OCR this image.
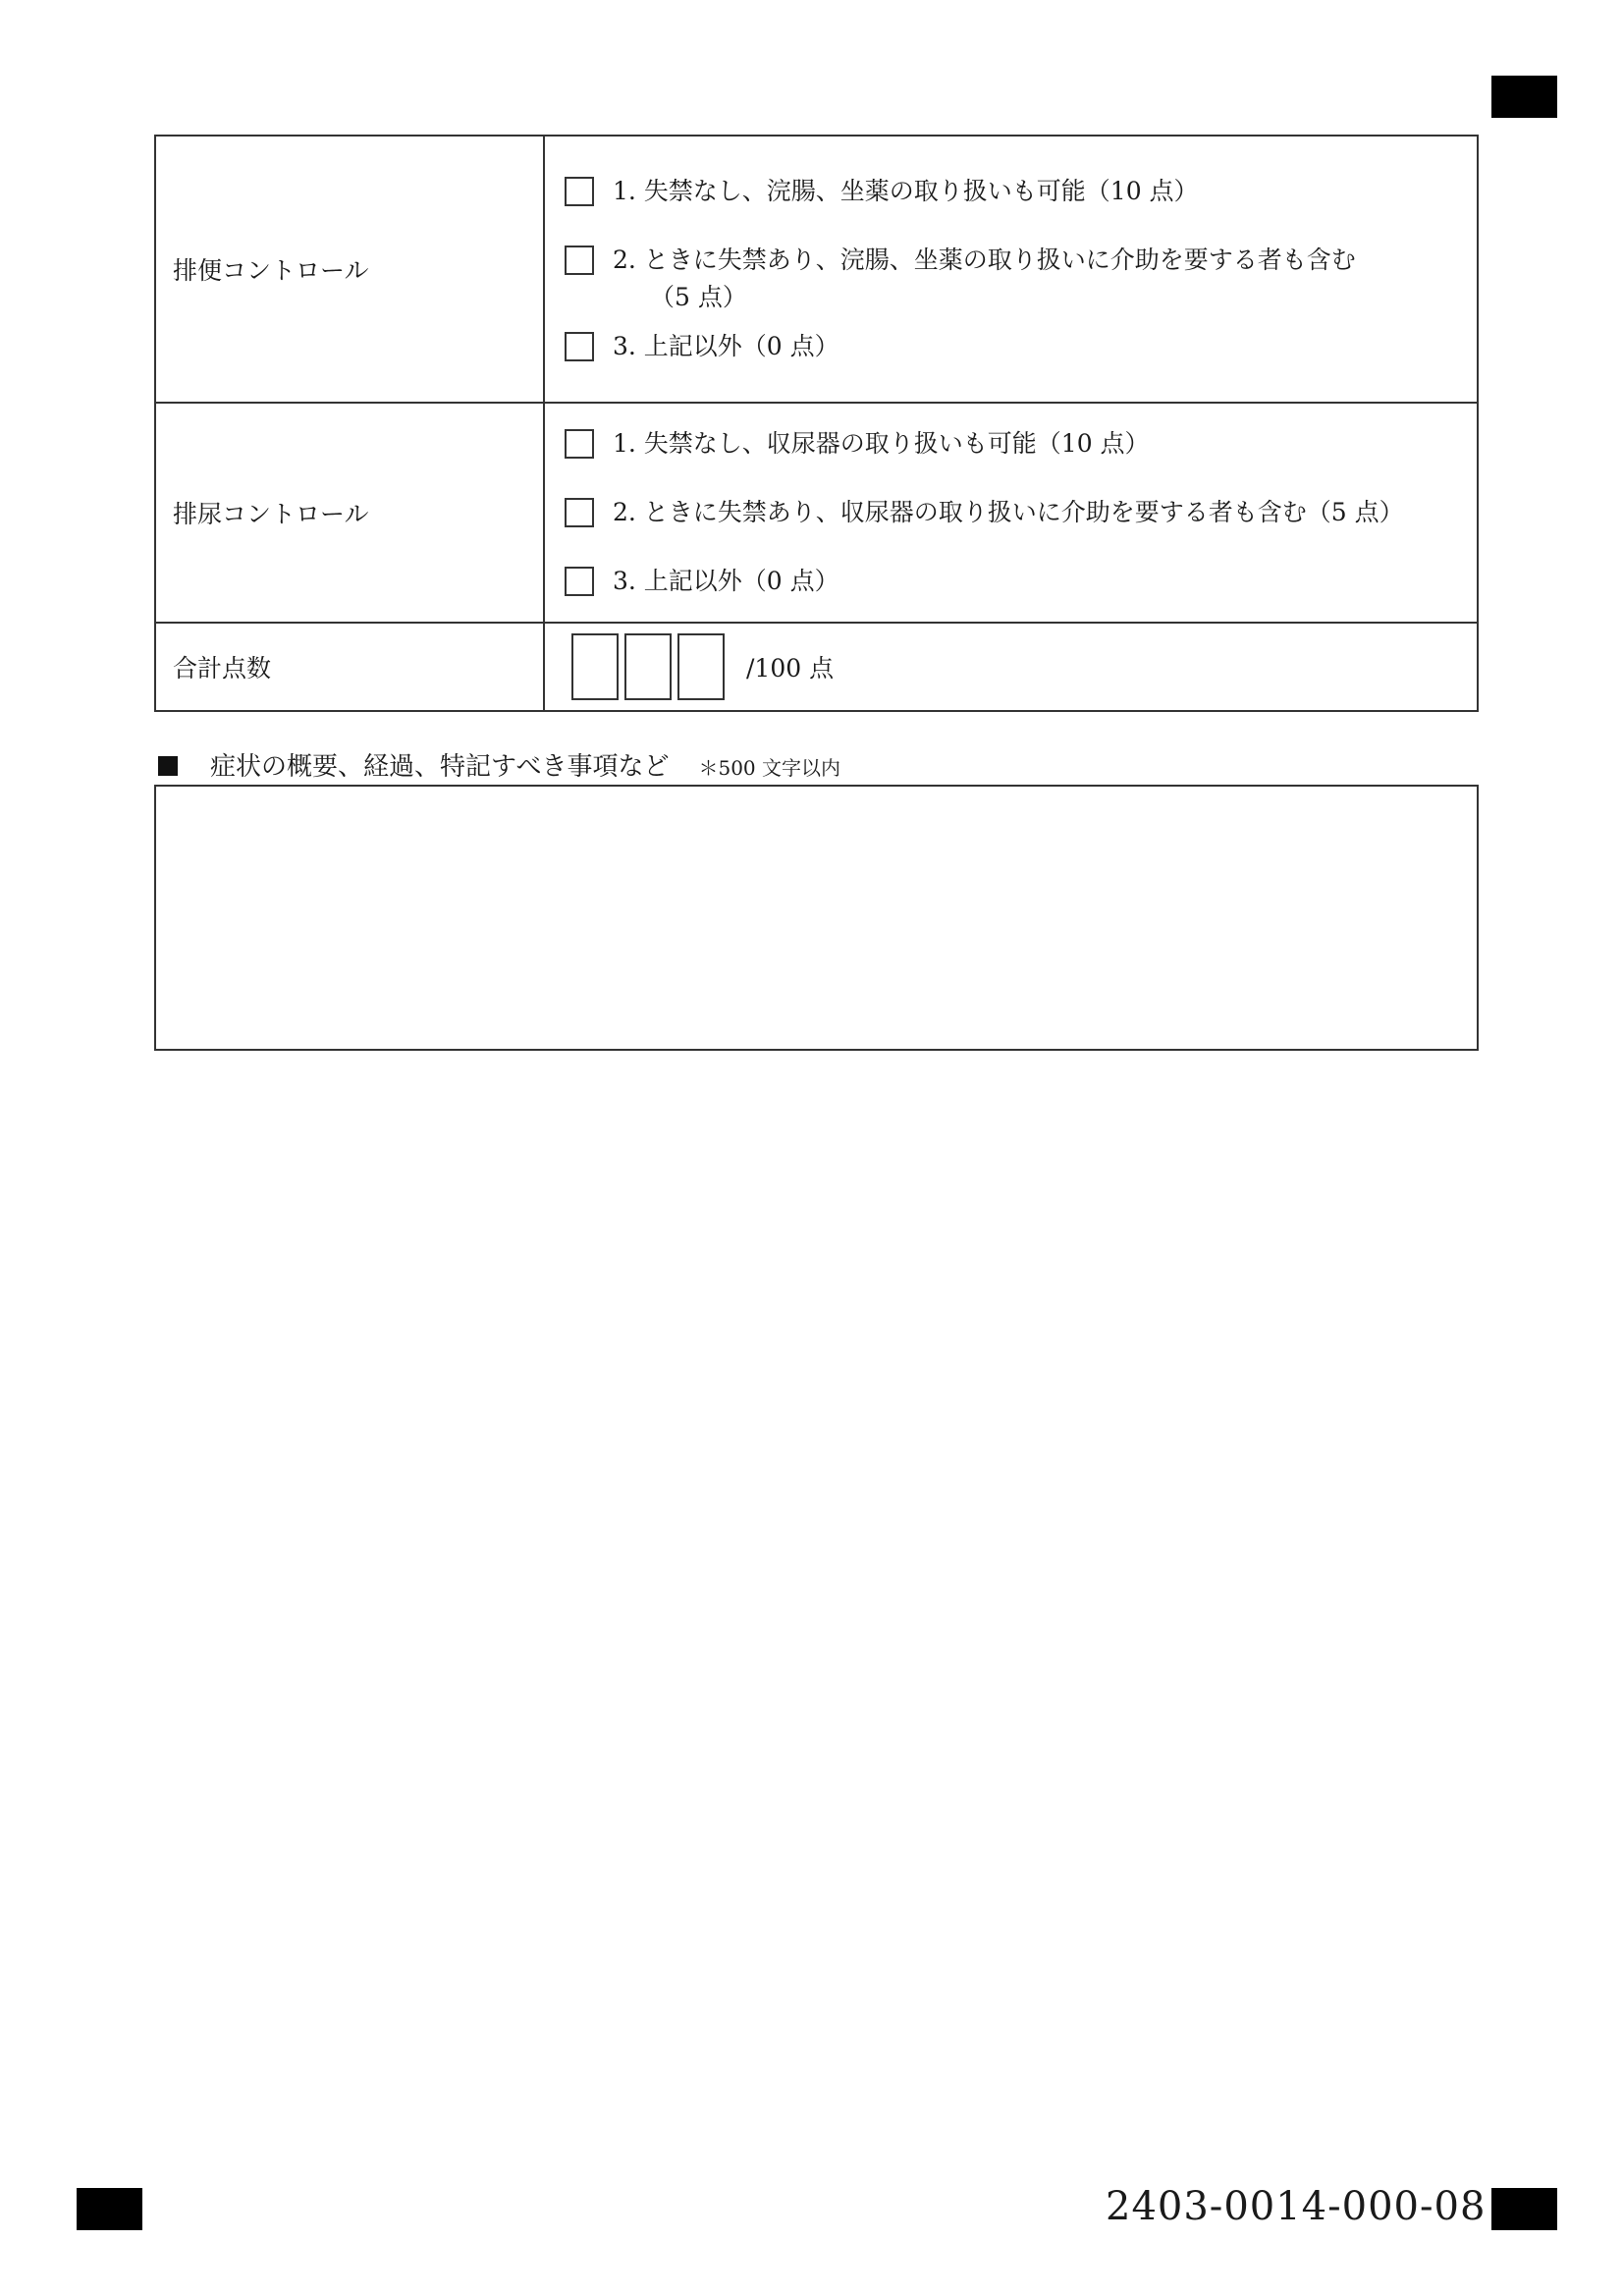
排便コントロール	1. 失禁なし、浣腸、坐薬の取り扱いも可能（10 点）
2. ときに失禁あり、浣腸、坐薬の取り扱いに介助を要する者も含む
（5 点）
3. 上記以外（0 点）

排尿コントロール	1. 失禁なし、収尿器の取り扱いも可能（10 点）
2. ときに失禁あり、収尿器の取り扱いに介助を要する者も含む（5 点）
3. 上記以外（0 点）

合計点数	/100 点
症状の概要、経過、特記すべき事項など ＊500 文字以内
2403-0014-000-08
